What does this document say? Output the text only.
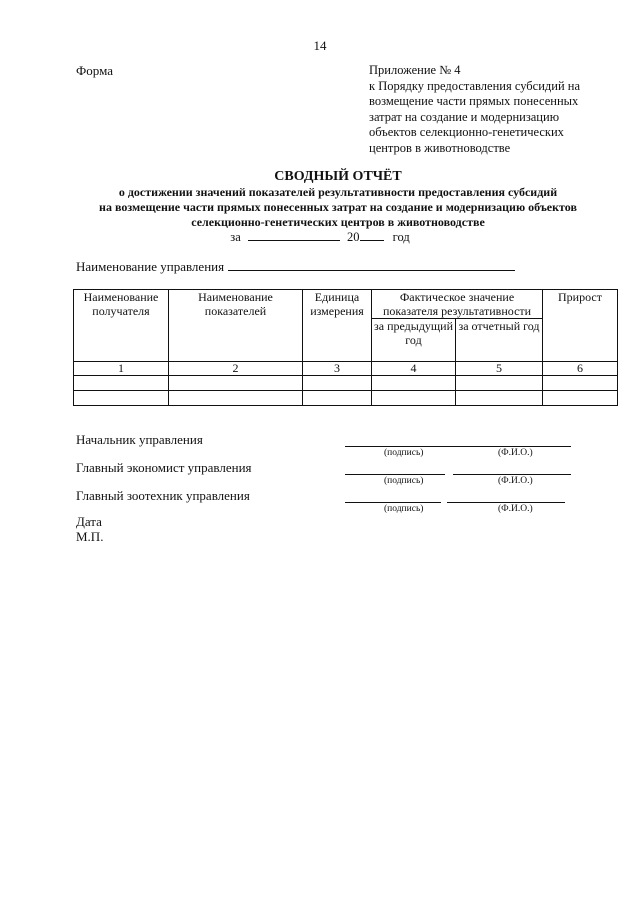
14
Форма	Приложение № 4
к Порядку предоставления субсидий на
возмещение части прямых понесенных
затрат на создание и модернизацию
объектов селекционно-генетических
центров в животноводстве
СВОДНЫЙ ОТЧЁТ
о достижении значений показателей результативности предоставления субсидий
на возмещение части прямых понесенных затрат на создание и модернизацию объектов
селекционно-генетических центров в животноводстве
за	20	год
Наименование управления
Наименование получателя	Наименование показателей	Единица измерения	Фактическое значение показателя результативности		Прирост
			за предыдущий год	за отчетный год	
1	2	3	4	5	6

Начальник управления
(подпись)	(Ф.И.О.)
Главный экономист управления
(подпись)	(Ф.И.О.)
Главный зоотехник управления
(подпись)	(Ф.И.О.)
Дата
М.П.
